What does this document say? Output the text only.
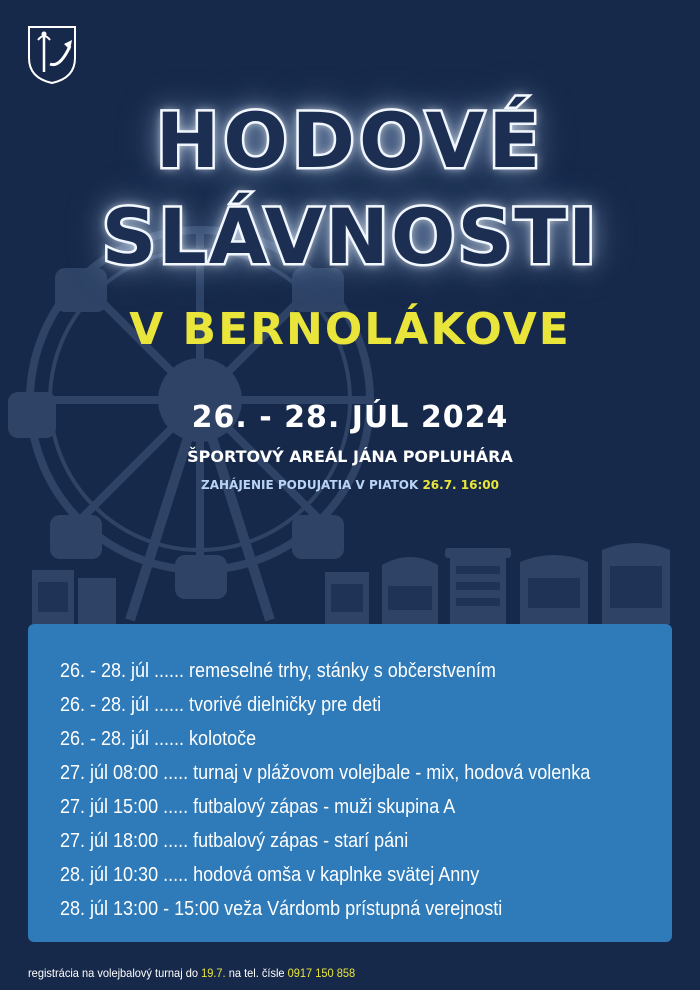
HODOVÉ
SLÁVNOSTI
V BERNOLÁKOVE
26. - 28. JÚL 2024
ŠPORTOVÝ AREÁL JÁNA POPLUHÁRA
ZAHÁJENIE PODUJATIA V PIATOK 26.7. 16:00
26. - 28. júl ...... remeselné trhy, stánky s občerstvením
26. - 28. júl ...... tvorivé dielničky pre deti
26. - 28. júl ...... kolotoče
27. júl 08:00 ..... turnaj v plážovom volejbale - mix, hodová volenka
27. júl 15:00 ..... futbalový zápas - muži skupina A
27. júl 18:00 ..... futbalový zápas - starí páni
28. júl 10:30 ..... hodová omša v kaplnke svätej Anny
28. júl 13:00 - 15:00 veža Várdomb prístupná verejnosti
registrácia na volejbalový turnaj do 19.7. na tel. čísle 0917 150 858
